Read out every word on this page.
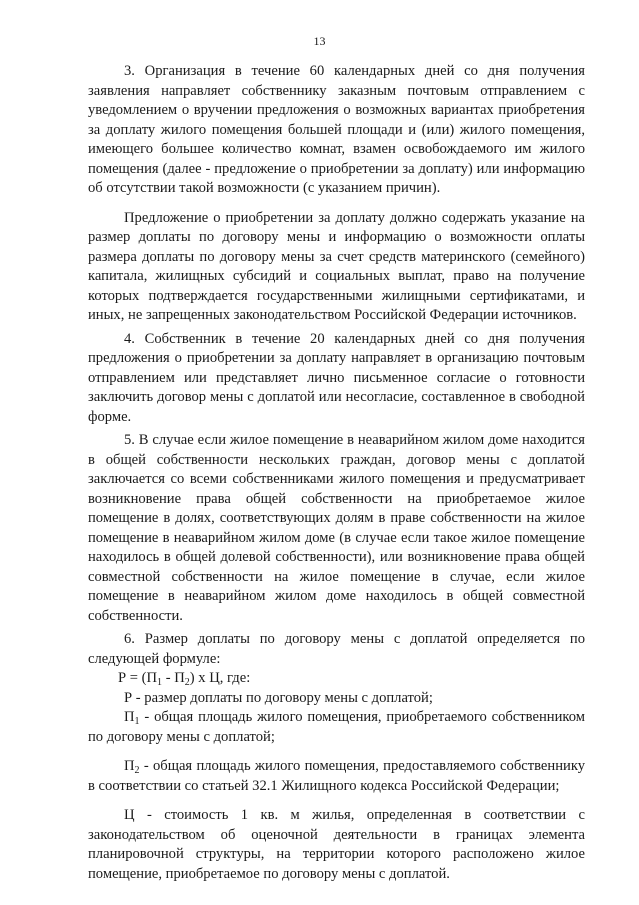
13

3. Организация в течение 60 календарных дней со дня получения заявления направляет собственнику заказным почтовым отправлением с уведомлением о вручении предложения о возможных вариантах приобретения за доплату жилого помещения большей площади и (или) жилого помещения, имеющего большее количество комнат, взамен освобождаемого им жилого помещения (далее - предложение о приобретении за доплату) или информацию об отсутствии такой возможности (с указанием причин).

Предложение о приобретении за доплату должно содержать указание на размер доплаты по договору мены и информацию о возможности оплаты размера доплаты по договору мены за счет средств материнского (семейного) капитала, жилищных субсидий и социальных выплат, право на получение которых подтверждается государственными жилищными сертификатами, и иных, не запрещенных законодательством Российской Федерации источников.

4. Собственник в течение 20 календарных дней со дня получения предложения о приобретении за доплату направляет в организацию почтовым отправлением или представляет лично письменное согласие о готовности заключить договор мены с доплатой или несогласие, составленное в свободной форме.

5. В случае если жилое помещение в неаварийном жилом доме находится в общей собственности нескольких граждан, договор мены с доплатой заключается со всеми собственниками жилого помещения и предусматривает возникновение права общей собственности на приобретаемое жилое помещение в долях, соответствующих долям в праве собственности на жилое помещение в неаварийном жилом доме (в случае если такое жилое помещение находилось в общей долевой собственности), или возникновение права общей совместной собственности на жилое помещение в случае, если жилое помещение в неаварийном жилом доме находилось в общей совместной собственности.

6. Размер доплаты по договору мены с доплатой определяется по следующей формуле:

$Р = (П_1 - П_2)$ х Ц, где:

Р - размер доплаты по договору мены с доплатой;

$П_1$ - общая площадь жилого помещения, приобретаемого собственником по договору мены с доплатой;

$П_2$ - общая площадь жилого помещения, предоставляемого собственнику в соответствии со статьей 32.1 Жилищного кодекса Российской Федерации;

Ц - стоимость 1 кв. м жилья, определенная в соответствии с законодательством об оценочной деятельности в границах элемента планировочной структуры, на территории которого расположено жилое помещение, приобретаемое по договору мены с доплатой.
